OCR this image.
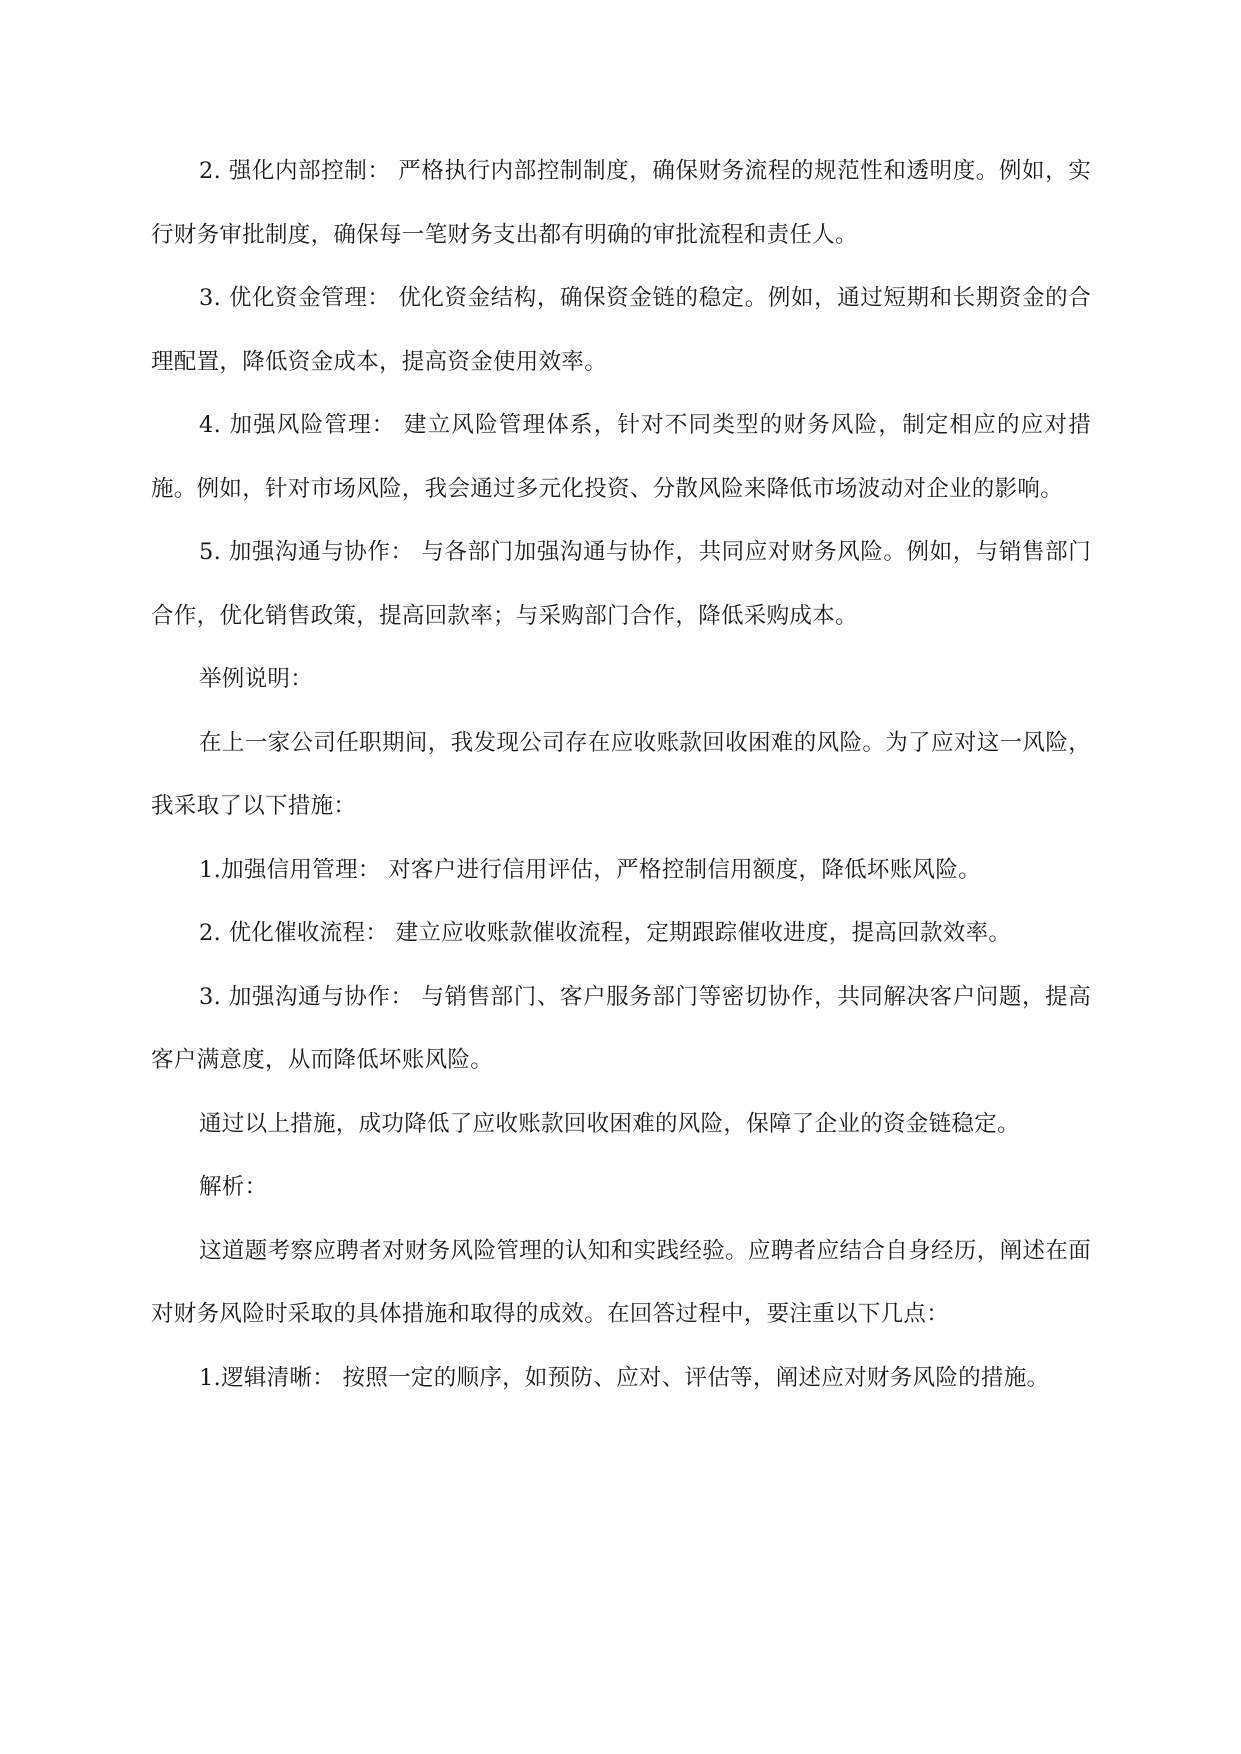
2. 强化内部控制： 严格执行内部控制制度，确保财务流程的规范性和透明度。例如，实行财务审批制度，确保每一笔财务支出都有明确的审批流程和责任人。

3. 优化资金管理： 优化资金结构，确保资金链的稳定。例如，通过短期和长期资金的合理配置，降低资金成本，提高资金使用效率。

4. 加强风险管理： 建立风险管理体系，针对不同类型的财务风险，制定相应的应对措施。例如，针对市场风险，我会通过多元化投资、分散风险来降低市场波动对企业的影响。

5. 加强沟通与协作： 与各部门加强沟通与协作，共同应对财务风险。例如，与销售部门合作，优化销售政策，提高回款率；与采购部门合作，降低采购成本。

举例说明：

在上一家公司任职期间，我发现公司存在应收账款回收困难的风险。为了应对这一风险，我采取了以下措施：

1.加强信用管理： 对客户进行信用评估，严格控制信用额度，降低坏账风险。

2. 优化催收流程： 建立应收账款催收流程，定期跟踪催收进度，提高回款效率。

3. 加强沟通与协作： 与销售部门、客户服务部门等密切协作，共同解决客户问题，提高客户满意度，从而降低坏账风险。

通过以上措施，成功降低了应收账款回收困难的风险，保障了企业的资金链稳定。

解析：

这道题考察应聘者对财务风险管理的认知和实践经验。应聘者应结合自身经历，阐述在面对财务风险时采取的具体措施和取得的成效。在回答过程中，要注重以下几点：

1.逻辑清晰： 按照一定的顺序，如预防、应对、评估等，阐述应对财务风险的措施。
